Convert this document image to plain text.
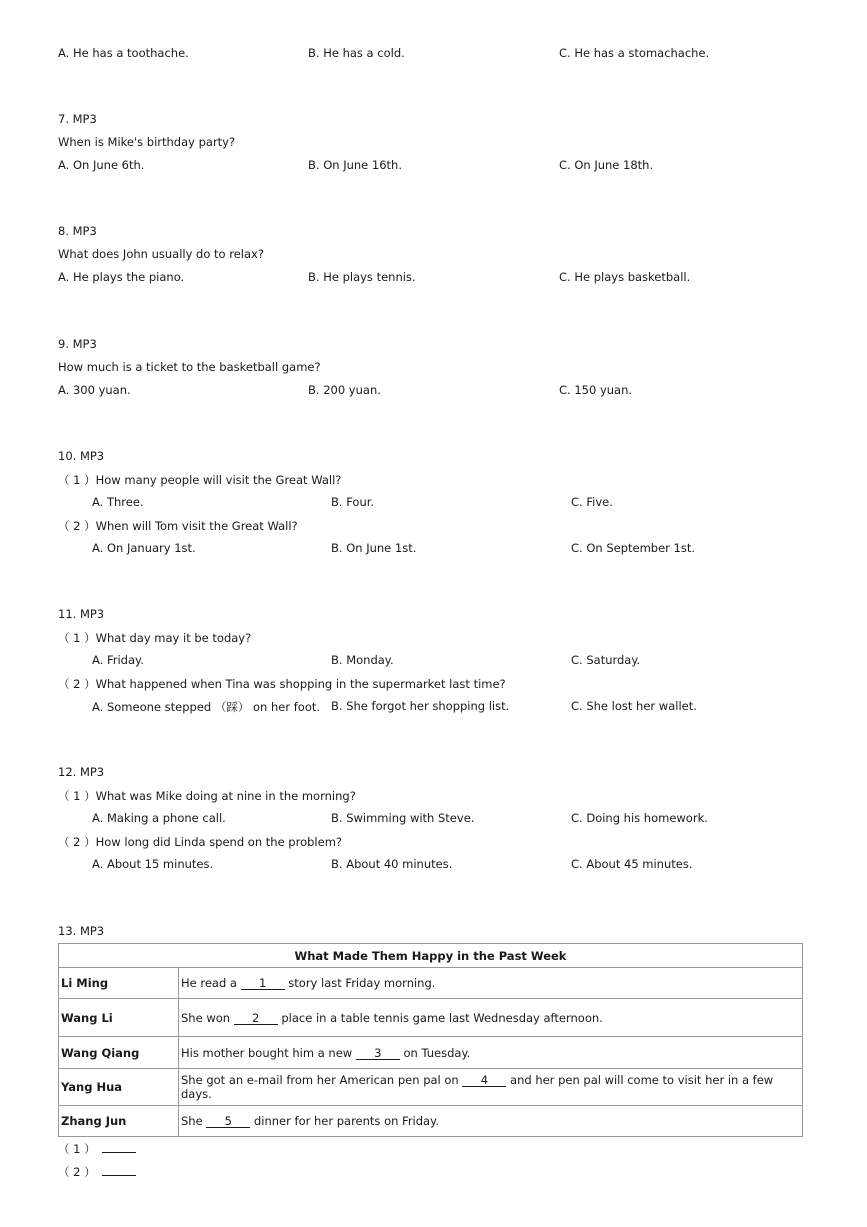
A. He has a toothache.	B. He has a cold.	C. He has a stomachache.
7. MP3
When is Mike's birthday party?
A. On June 6th.	B. On June 16th.	C. On June 18th.
8. MP3
What does John usually do to relax?
A. He plays the piano.	B. He plays tennis.	C. He plays basketball.
9. MP3
How much is a ticket to the basketball game?
A. 300 yuan.	B. 200 yuan.	C. 150 yuan.
10. MP3
（ 1 ）How many people will visit the Great Wall?
A. Three.	B. Four.	C. Five.
（ 2 ）When will Tom visit the Great Wall?
A. On January 1st.	B. On June 1st.	C. On September 1st.
11. MP3
（ 1 ）What day may it be today?
A. Friday.	B. Monday.	C. Saturday.
（ 2 ）What happened when Tina was shopping in the supermarket last time?
A. Someone stepped （踩） on her foot. B. She forgot her shopping list.	C. She lost her wallet.
12. MP3
（ 1 ）What was Mike doing at nine in the morning?
A. Making a phone call.	B. Swimming with Steve.	C. Doing his homework.
（ 2 ）How long did Linda spend on the problem?
A. About 15 minutes.	B. About 40 minutes.	C. About 45 minutes.
13. MP3
What Made Them Happy in the Past Week	
Li Ming	He read a 1 story last Friday morning.
Wang Li	She won 2 place in a table tennis game last Wednesday afternoon.
Wang Qiang	His mother bought him a new 3 on Tuesday.
Yang Hua	She got an e-mail from her American pen pal on 4 and her pen pal will come to visit her in a few days.
Zhang Jun	She 5 dinner for her parents on Friday.
（ 1 ）
（ 2 ）
